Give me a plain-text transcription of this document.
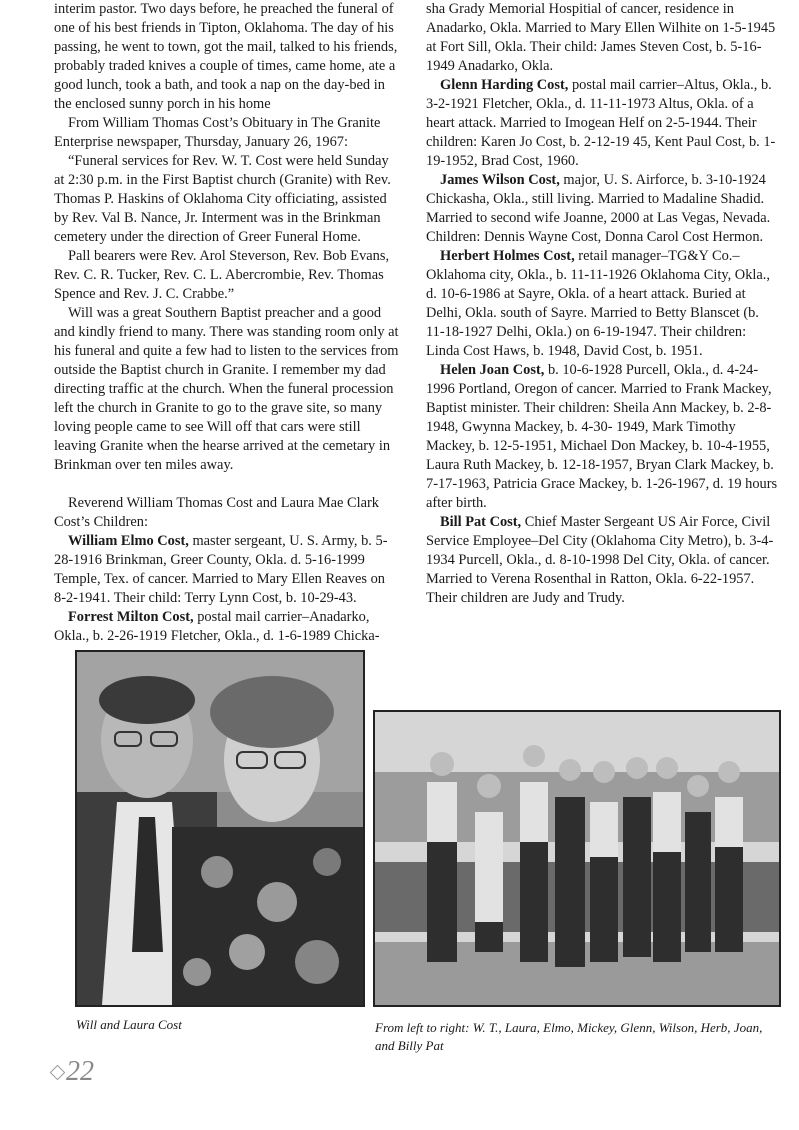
interim pastor. Two days before, he preached the funeral of one of his best friends in Tipton, Oklahoma. The day of his passing, he went to town, got the mail, talked to his friends, probably traded knives a couple of times, came home, ate a good lunch, took a bath, and took a nap on the day-bed in the enclosed sunny porch in his home

From William Thomas Cost’s Obituary in The Granite Enterprise newspaper, Thursday, January 26, 1967:

“Funeral services for Rev. W. T. Cost were held Sunday at 2:30 p.m. in the First Baptist church (Granite) with Rev. Thomas P. Haskins of Oklahoma City officiating, assisted by Rev. Val B. Nance, Jr. Interment was in the Brinkman cemetery under the direction of Greer Funeral Home.

Pall bearers were Rev. Arol Steverson, Rev. Bob Evans, Rev. C. R. Tucker, Rev. C. L. Abercrombie, Rev. Thomas Spence and Rev. J. C. Crabbe.”

Will was a great Southern Baptist preacher and a good and kindly friend to many. There was standing room only at his funeral and quite a few had to listen to the services from outside the Baptist church in Granite. I remember my dad directing traffic at the church. When the funeral procession left the church in Granite to go to the grave site, so many loving people came to see Will off that cars were still leaving Granite when the hearse arrived at the cemetary in Brinkman over ten miles away.

Reverend William Thomas Cost and Laura Mae Clark Cost’s Children:

William Elmo Cost, master sergeant, U. S. Army, b. 5-28-1916 Brinkman, Greer County, Okla. d. 5-16-1999 Temple, Tex. of cancer. Married to Mary Ellen Reaves on 8-2-1941. Their child: Terry Lynn Cost, b. 10-29-43.

Forrest Milton Cost, postal mail carrier–Anadarko, Okla., b. 2-26-1919 Fletcher, Okla., d. 1-6-1989 Chicka-

sha Grady Memorial Hospitial of cancer, residence in Anadarko, Okla. Married to Mary Ellen Wilhite on 1-5-1945 at Fort Sill, Okla. Their child: James Steven Cost, b. 5-16-1949 Anadarko, Okla.

Glenn Harding Cost, postal mail carrier–Altus, Okla., b. 3-2-1921 Fletcher, Okla., d. 11-11-1973 Altus, Okla. of a heart attack. Married to Imogean Helf on 2-5-1944. Their children: Karen Jo Cost, b. 2-12-19 45, Kent Paul Cost, b. 1-19-1952, Brad Cost, 1960.

James Wilson Cost, major, U. S. Airforce, b. 3-10-1924 Chickasha, Okla., still living. Married to Madaline Shadid. Married to second wife Joanne, 2000 at Las Vegas, Nevada. Children: Dennis Wayne Cost, Donna Carol Cost Hermon.

Herbert Holmes Cost, retail manager–TG&Y Co.–Oklahoma city, Okla., b. 11-11-1926 Oklahoma City, Okla., d. 10-6-1986 at Sayre, Okla. of a heart attack. Buried at Delhi, Okla. south of Sayre. Married to Betty Blanscet (b. 11-18-1927 Delhi, Okla.) on 6-19-1947. Their children: Linda Cost Haws, b. 1948, David Cost, b. 1951.

Helen Joan Cost, b. 10-6-1928 Purcell, Okla., d. 4-24-1996 Portland, Oregon of cancer. Married to Frank Mackey, Baptist minister. Their children: Sheila Ann Mackey, b. 2-8- 1948, Gwynna Mackey, b. 4-30- 1949, Mark Timothy Mackey, b. 12-5-1951, Michael Don Mackey, b. 10-4-1955, Laura Ruth Mackey, b. 12-18-1957, Bryan Clark Mackey, b. 7-17-1963, Patricia Grace Mackey, b. 1-26-1967, d. 19 hours after birth.

Bill Pat Cost, Chief Master Sergeant US Air Force, Civil Service Employee–Del City (Oklahoma City Metro), b. 3-4-1934 Purcell, Okla., d. 8-10-1998 Del City, Okla. of cancer. Married to Verena Rosenthal in Ratton, Okla. 6-22-1957. Their children are Judy and Trudy.

Will and Laura Cost	From left to right: W. T., Laura, Elmo, Mickey, Glenn, Wilson, Herb, Joan, and Billy Pat
22
